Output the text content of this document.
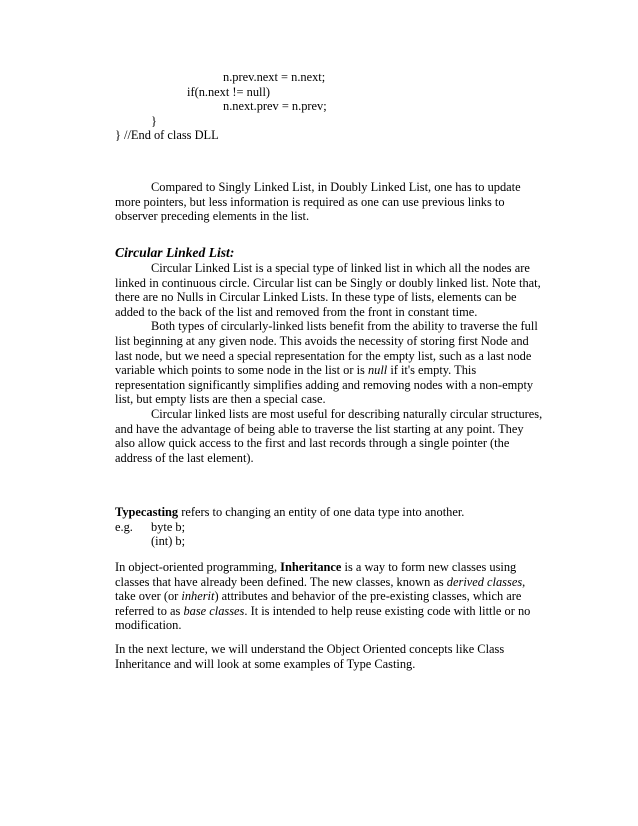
n.prev.next = n.next;
if(n.next != null)
n.next.prev = n.prev;
}
} //End of class DLL
Compared to Singly Linked List, in Doubly Linked List, one has to update
more pointers, but less information is required as one can use previous links to
observer preceding elements in the list.
Circular Linked List:
Circular Linked List is a special type of linked list in which all the nodes are
linked in continuous circle. Circular list can be Singly or doubly linked list. Note that,
there are no Nulls in Circular Linked Lists. In these type of lists, elements can be
added to the back of the list and removed from the front in constant time.
Both types of circularly-linked lists benefit from the ability to traverse the full
list beginning at any given node. This avoids the necessity of storing first Node and
last node, but we need a special representation for the empty list, such as a last node
variable which points to some node in the list or is null if it's empty. This
representation significantly simplifies adding and removing nodes with a non-empty
list, but empty lists are then a special case.
Circular linked lists are most useful for describing naturally circular structures,
and have the advantage of being able to traverse the list starting at any point. They
also allow quick access to the first and last records through a single pointer (the
address of the last element).
Typecasting refers to changing an entity of one data type into another.
e.g.	byte b;
(int) b;
In object-oriented programming, Inheritance is a way to form new classes using
classes that have already been defined. The new classes, known as derived classes,
take over (or inherit) attributes and behavior of the pre-existing classes, which are
referred to as base classes. It is intended to help reuse existing code with little or no
modification.
In the next lecture, we will understand the Object Oriented concepts like Class
Inheritance and will look at some examples of Type Casting.
